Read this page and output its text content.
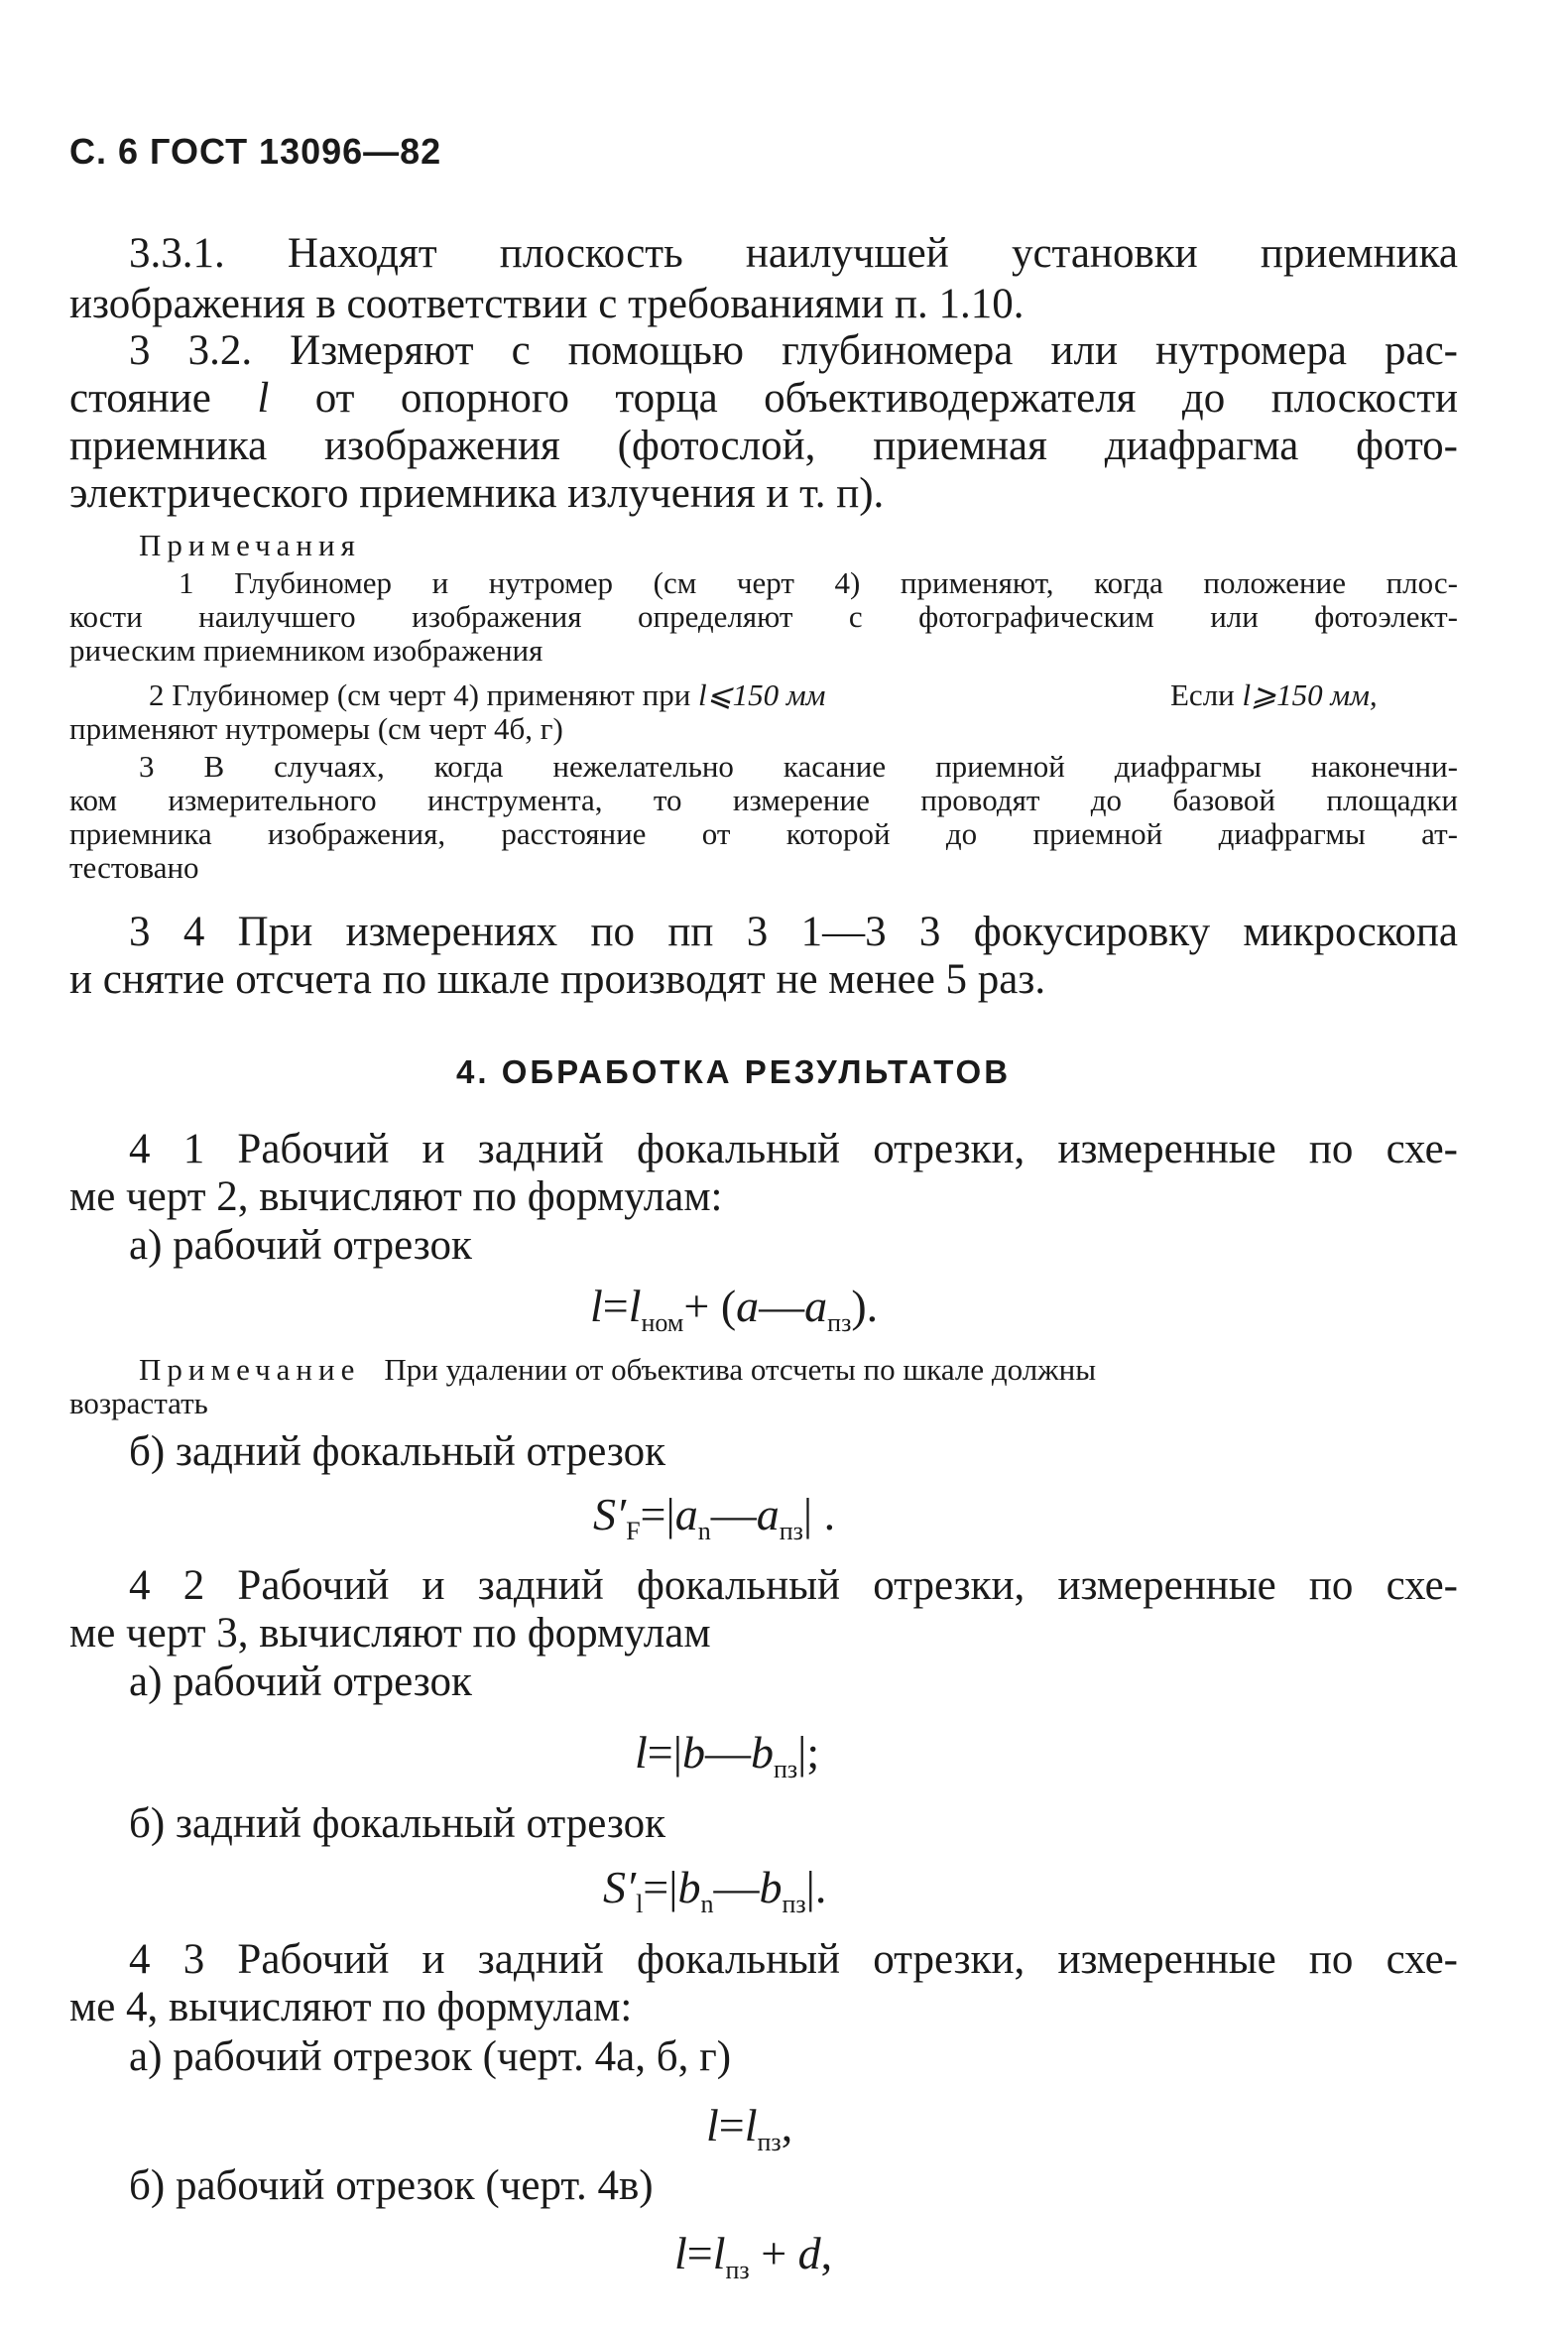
С. 6 ГОСТ 13096—82
3.3.1. Находят плоскость наилучшей установки приемника
изображения в соответствии с требованиями п. 1.10.
3 3.2. Измеряют с помощью глубиномера или нутромера рас-
стояние l от опорного торца объективодержателя до плоскости
приемника изображения (фотослой, приемная диафрагма фото-
электрического приемника излучения и т. п).
Примечания
1 Глубиномер и нутромер (см черт 4) применяют, когда положение плос-
кости наилучшего изображения определяют с фотографическим или фотоэлект-
рическим приемником изображения
2 Глубиномер (см черт 4) применяют при l⩽150 мм	Если l⩾150 мм,
применяют нутромеры (см черт 4б, г)
3 В случаях, когда нежелательно касание приемной диафрагмы наконечни-
ком измерительного инструмента, то измерение проводят до базовой площадки
приемника изображения, расстояние от которой до приемной диафрагмы ат-
тестовано
3 4 При измерениях по пп 3 1—3 3 фокусировку микроскопа
и снятие отсчета по шкале производят не менее 5 раз.
4. ОБРАБОТКА РЕЗУЛЬТАТОВ
4 1 Рабочий и задний фокальный отрезки, измеренные по схе-
ме черт 2, вычисляют по формулам:
а) рабочий отрезок
$l=l_{ном}+$ $(a—a_{пз})$.
Примечание При удалении от объектива отсчеты по шкале должны
возрастать
б) задний фокальный отрезок
$S'_F=|a_n—a_{пз}|$ .
4 2 Рабочий и задний фокальный отрезки, измеренные по схе-
ме черт 3, вычисляют по формулам
а) рабочий отрезок
$l=|b—b_{пз}|$;
б) задний фокальный отрезок
$S'_l=|b_n—b_{пз}|$.
4 3 Рабочий и задний фокальный отрезки, измеренные по схе-
ме 4, вычисляют по формулам:
а) рабочий отрезок (черт. 4а, б, г)
$l=l_{пз}$,
б) рабочий отрезок (черт. 4в)
$l=l_{пз} + d$,
